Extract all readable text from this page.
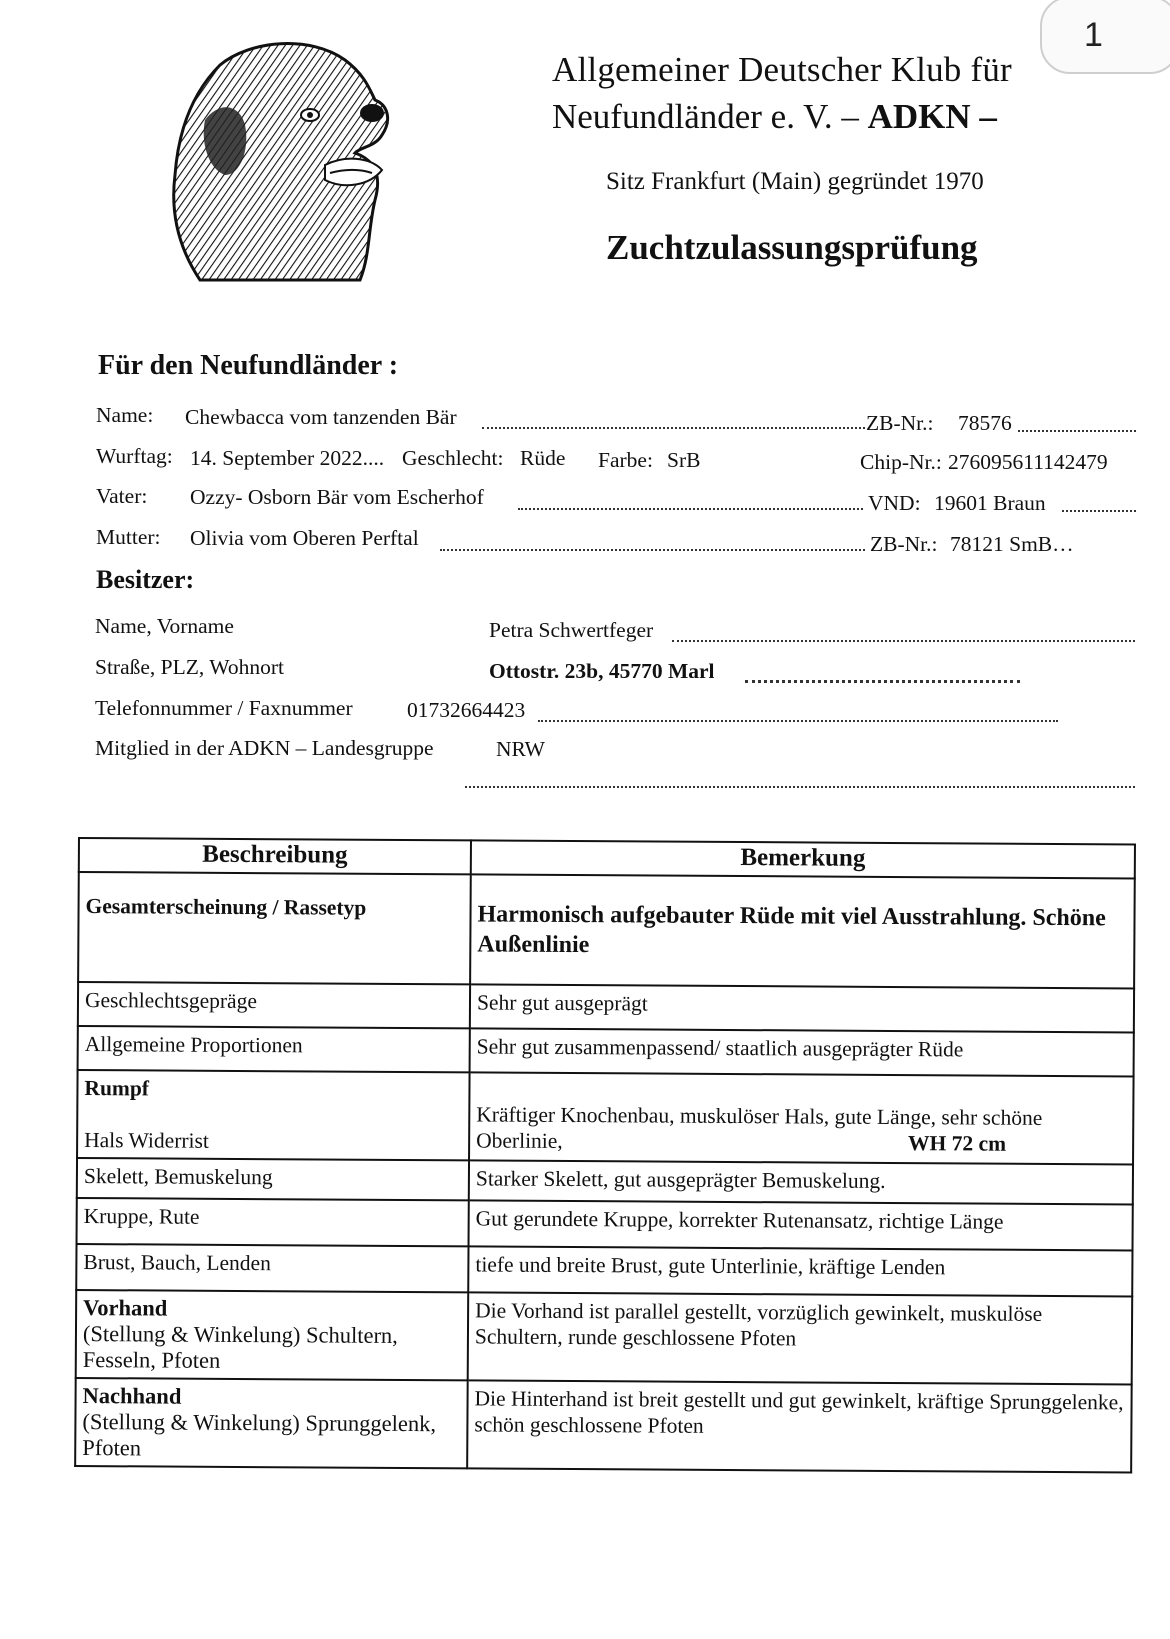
1
Allgemeiner Deutscher Klub für
Neufundländer e. V. – ADKN –
Sitz Frankfurt (Main) gegründet 1970
Zuchtzulassungsprüfung
Für den Neufundländer :
Name: Chewbacca vom tanzenden Bär	ZB-Nr.: 78576
Wurftag: 14. September 2022.... Geschlecht: Rüde Farbe: SrB	Chip-Nr.: 276095611142479
Vater: Ozzy- Osborn Bär vom Escherhof	VND: 19601 Braun
Mutter: Olivia vom Oberen Perftal	ZB-Nr.: 78121 SmB…
Besitzer:
Name, Vorname	Petra Schwertfeger
Straße, PLZ, Wohnort	Ottostr. 23b, 45770 Marl
Telefonnummer / Faxnummer	01732664423
Mitglied in der ADKN – Landesgruppe	NRW
Beschreibung	Bemerkung
Gesamterscheinung / Rassetyp	Harmonisch aufgebauter Rüde mit viel Ausstrahlung. Schöne Außenlinie
Geschlechtsgepräge	Sehr gut ausgeprägt
Allgemeine Proportionen	Sehr gut zusammenpassend/ staatlich ausgeprägter Rüde
Rumpf

Hals Widerrist	Kräftiger Knochenbau, muskulöser Hals, gute Länge, sehr schöne Oberlinie, WH 72 cm
Skelett, Bemuskelung	Starker Skelett, gut ausgeprägter Bemuskelung.
Kruppe, Rute	Gut gerundete Kruppe, korrekter Rutenansatz, richtige Länge
Brust, Bauch, Lenden	tiefe und breite Brust, gute Unterlinie, kräftige Lenden
Vorhand
(Stellung & Winkelung) Schultern, Fesseln, Pfoten	Die Vorhand ist parallel gestellt, vorzüglich gewinkelt, muskulöse Schultern, runde geschlossene Pfoten
Nachhand
(Stellung & Winkelung) Sprunggelenk, Pfoten	Die Hinterhand ist breit gestellt und gut gewinkelt, kräftige Sprunggelenke, schön geschlossene Pfoten
